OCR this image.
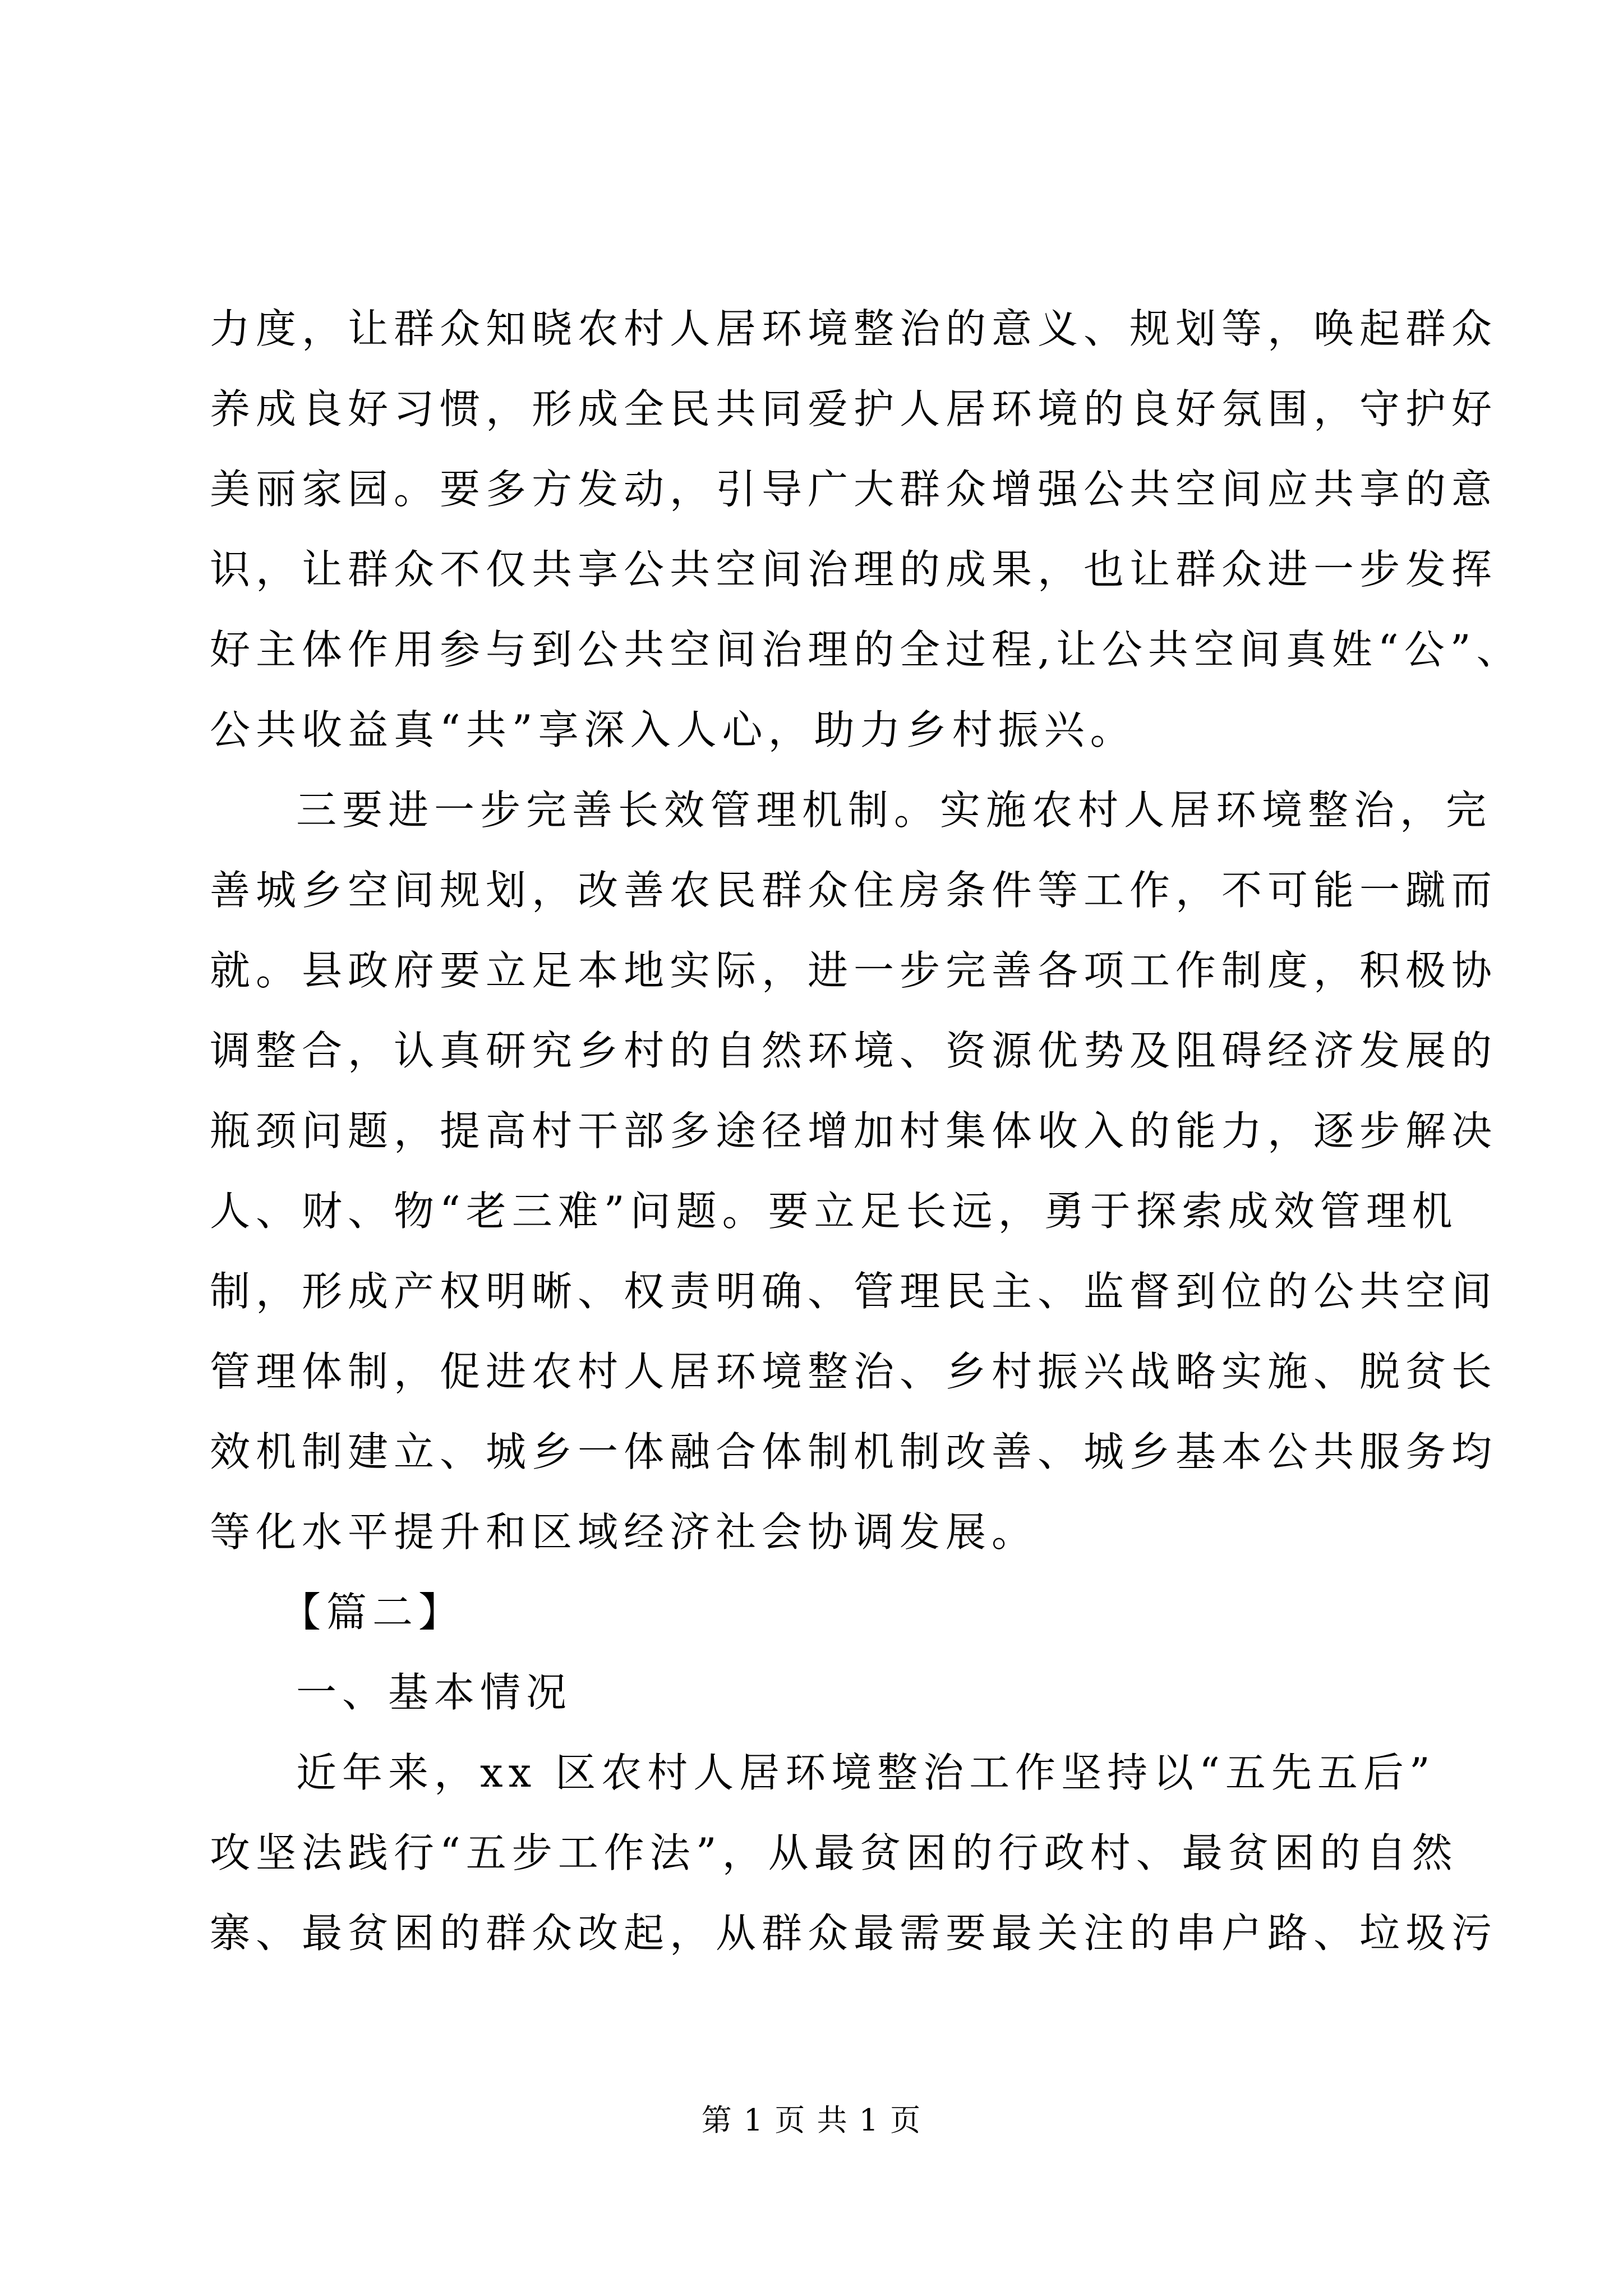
力度，让群众知晓农村人居环境整治的意义、规划等，唤起群众
养成良好习惯，形成全民共同爱护人居环境的良好氛围，守护好
美丽家园。要多方发动，引导广大群众增强公共空间应共享的意
识，让群众不仅共享公共空间治理的成果，也让群众进一步发挥
好主体作用参与到公共空间治理的全过程,让公共空间真姓“公”、
公共收益真“共”享深入人心，助力乡村振兴。
三要进一步完善长效管理机制。实施农村人居环境整治，完
善城乡空间规划，改善农民群众住房条件等工作，不可能一蹴而
就。县政府要立足本地实际，进一步完善各项工作制度，积极协
调整合，认真研究乡村的自然环境、资源优势及阻碍经济发展的
瓶颈问题，提高村干部多途径增加村集体收入的能力，逐步解决
人、财、物“老三难”问题。要立足长远，勇于探索成效管理机
制，形成产权明晰、权责明确、管理民主、监督到位的公共空间
管理体制，促进农村人居环境整治、乡村振兴战略实施、脱贫长
效机制建立、城乡一体融合体制机制改善、城乡基本公共服务均
等化水平提升和区域经济社会协调发展。
【篇二】
一、基本情况
近年来，xx 区农村人居环境整治工作坚持以“五先五后”
攻坚法践行“五步工作法”，从最贫困的行政村、最贫困的自然
寨、最贫困的群众改起，从群众最需要最关注的串户路、垃圾污
第 1 页 共 1 页
